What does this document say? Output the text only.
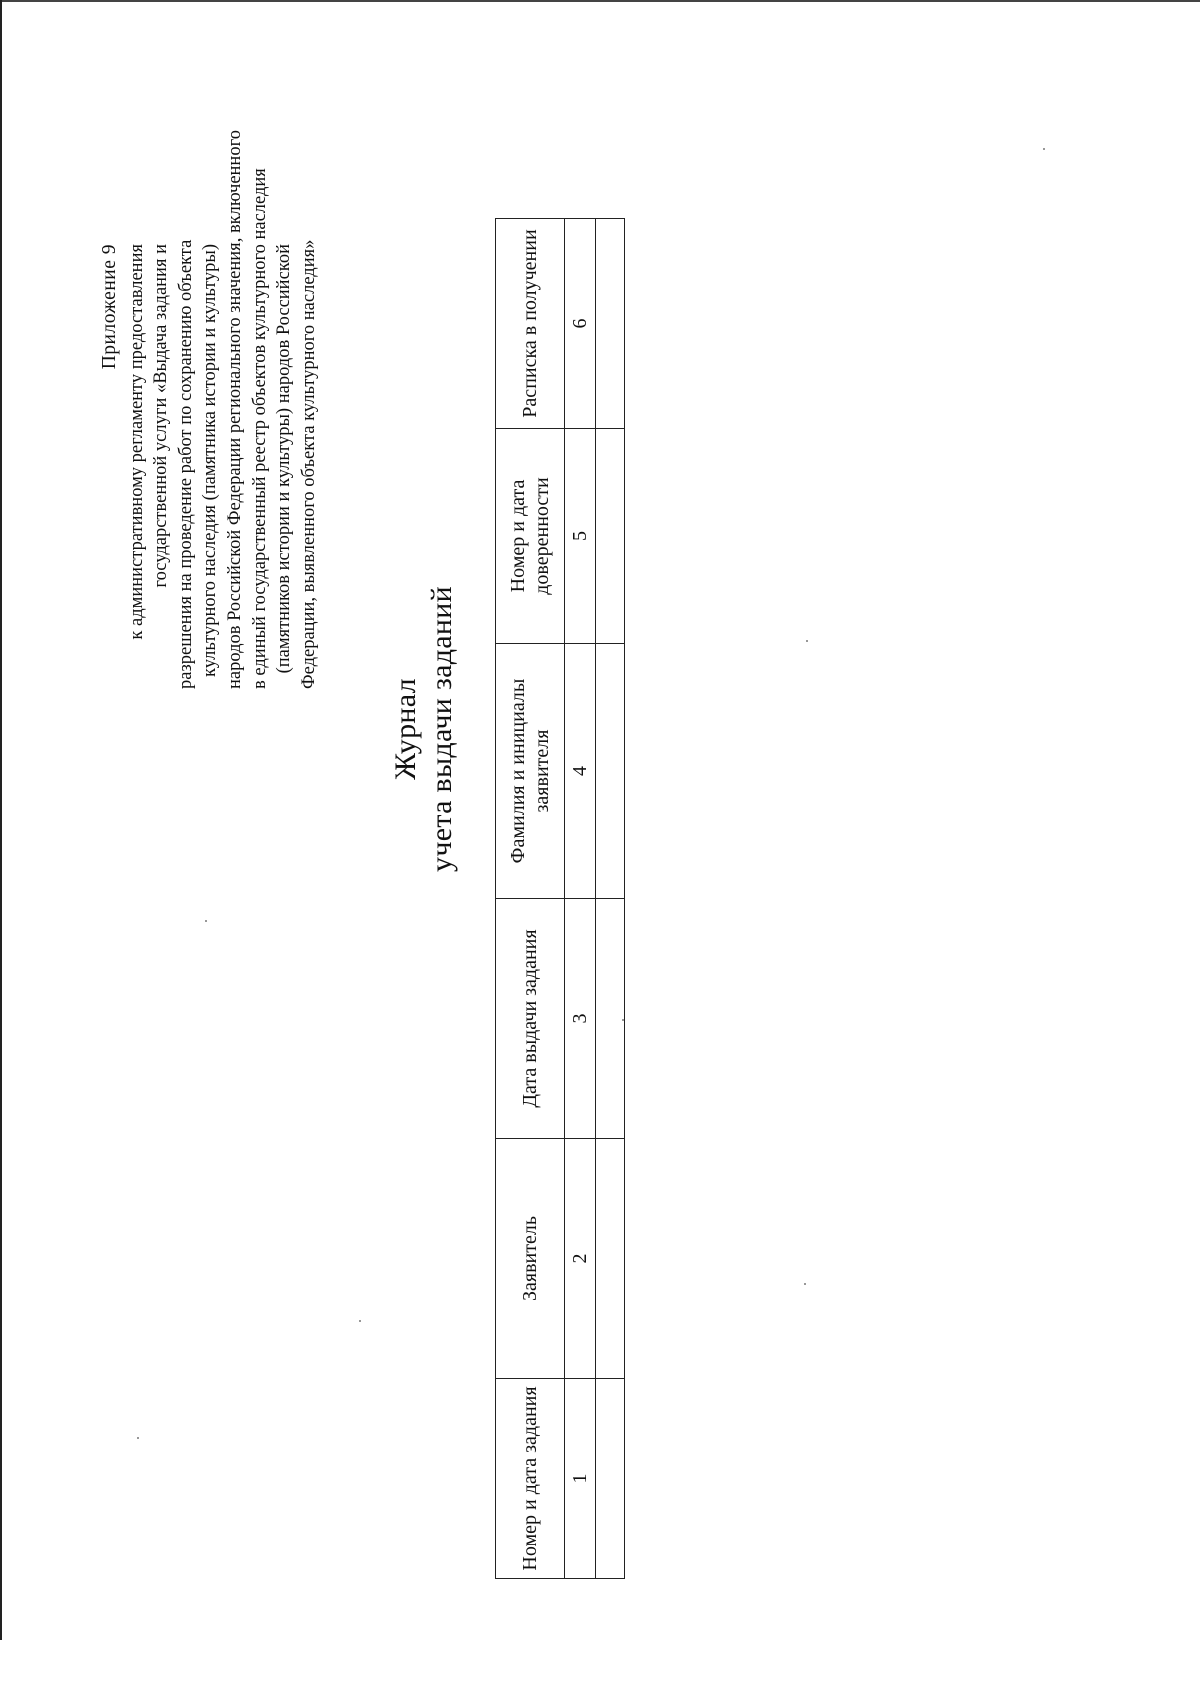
Приложение 9 к административному регламенту предоставления государственной услуги «Выдача задания и разрешения на проведение работ по сохранению объекта культурного наследия (памятника истории и культуры) народов Российской Федерации регионального значения, включенного в единый государственный реестр объектов культурного наследия (памятников истории и культуры) народов Российской Федерации, выявленного объекта культурного наследия»
Журнал учета выдачи заданий
Номер и дата задания	Заявитель	Дата выдачи задания	Фамилия и инициалы заявителя	Номер и дата доверенности	Расписка в получении
1	2	3	4	5	6
